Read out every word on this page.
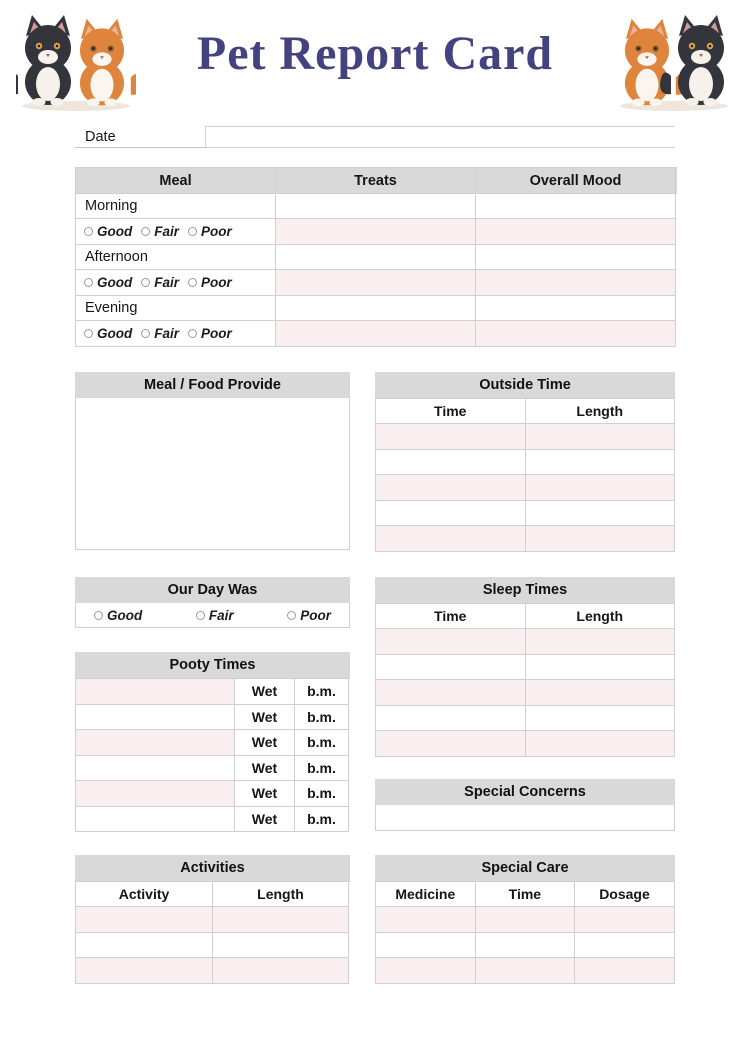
Pet Report Card
Date
Meal	Treats	Overall Mood
Morning
Good Fair Poor
Afternoon
Good Fair Poor
Evening
Good Fair Poor
Meal / Food Provide	Outside Time
Time	Length
Our Day Was
Good	Fair	Poor
Pooty Times
Wet	b.m.
Wet	b.m.
Wet	b.m.
Wet	b.m.
Wet	b.m.
Wet	b.m.
Sleep Times
Time	Length
Special Concerns
Activities
Activity	Length
Special Care
Medicine	Time	Dosage
